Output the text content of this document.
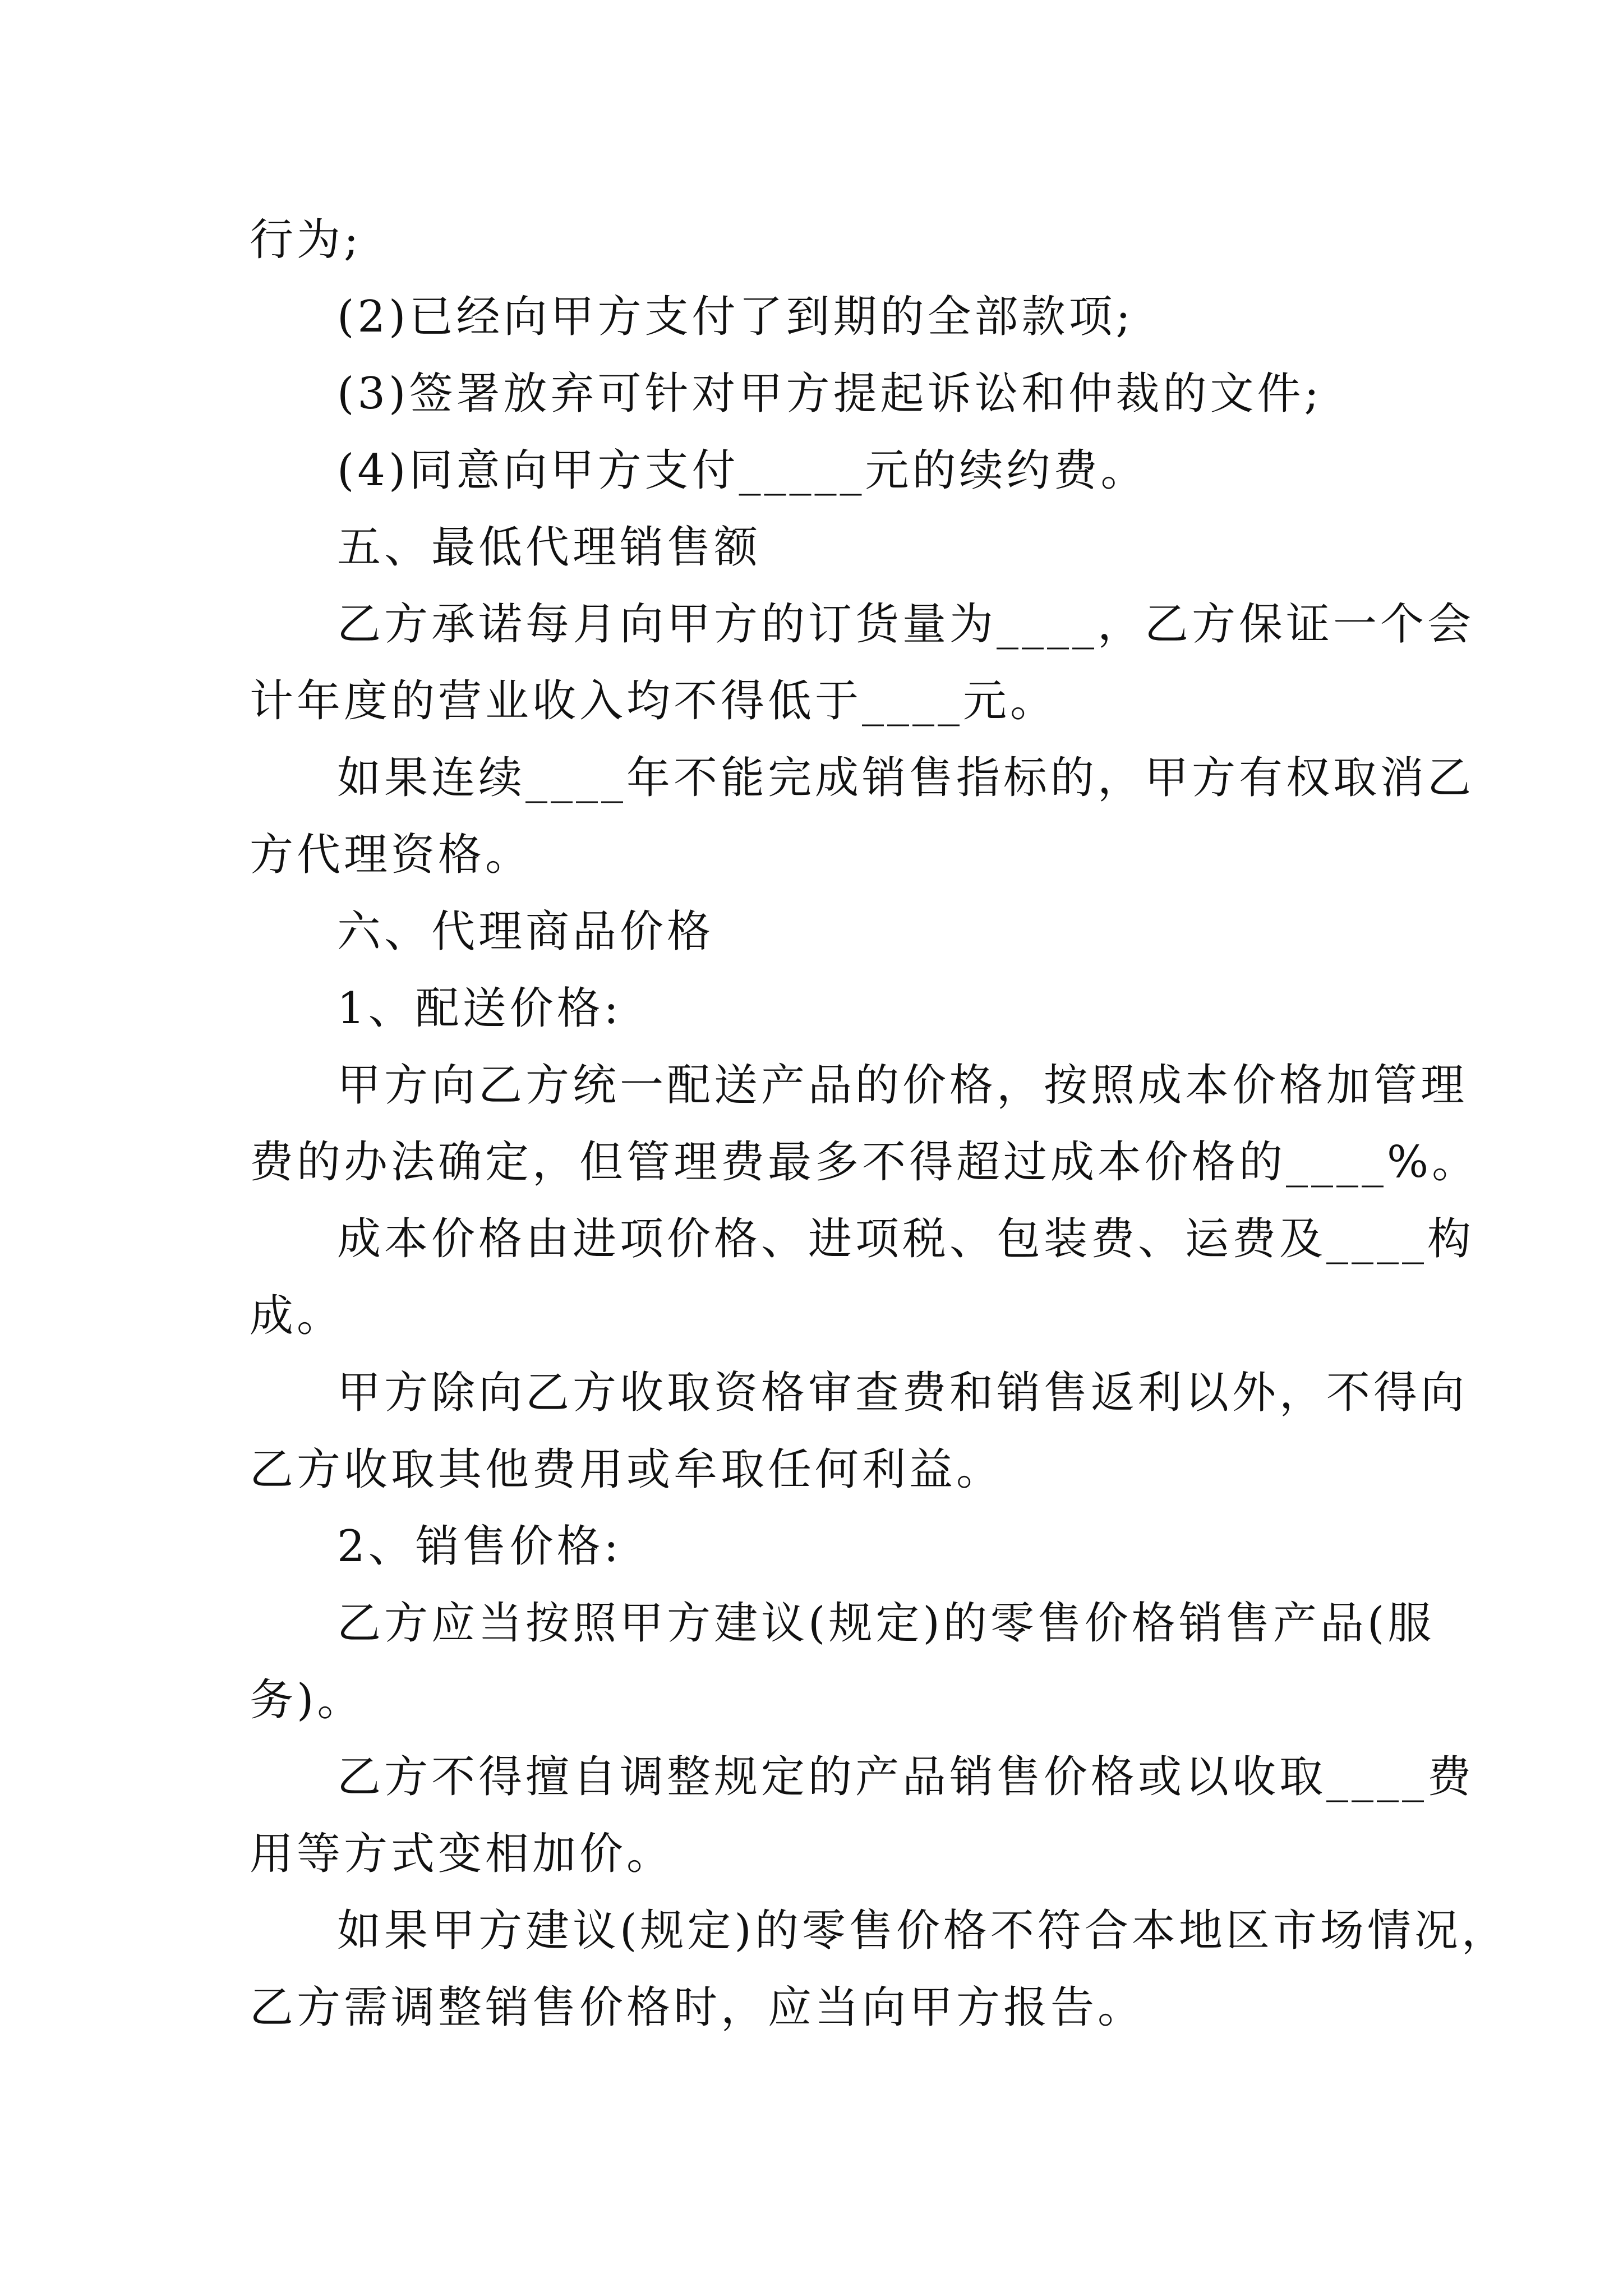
行为;
(2)已经向甲方支付了到期的全部款项;
(3)签署放弃可针对甲方提起诉讼和仲裁的文件;
(4)同意向甲方支付_____元的续约费。
五、最低代理销售额
乙方承诺每月向甲方的订货量为____，乙方保证一个会
计年度的营业收入均不得低于____元。
如果连续____年不能完成销售指标的，甲方有权取消乙
方代理资格。
六、代理商品价格
1、配送价格:
甲方向乙方统一配送产品的价格，按照成本价格加管理
费的办法确定，但管理费最多不得超过成本价格的____%。
成本价格由进项价格、进项税、包装费、运费及____构
成。
甲方除向乙方收取资格审查费和销售返利以外，不得向
乙方收取其他费用或牟取任何利益。
2、销售价格:
乙方应当按照甲方建议(规定)的零售价格销售产品(服
务)。
乙方不得擅自调整规定的产品销售价格或以收取____费
用等方式变相加价。
如果甲方建议(规定)的零售价格不符合本地区市场情况，
乙方需调整销售价格时，应当向甲方报告。
